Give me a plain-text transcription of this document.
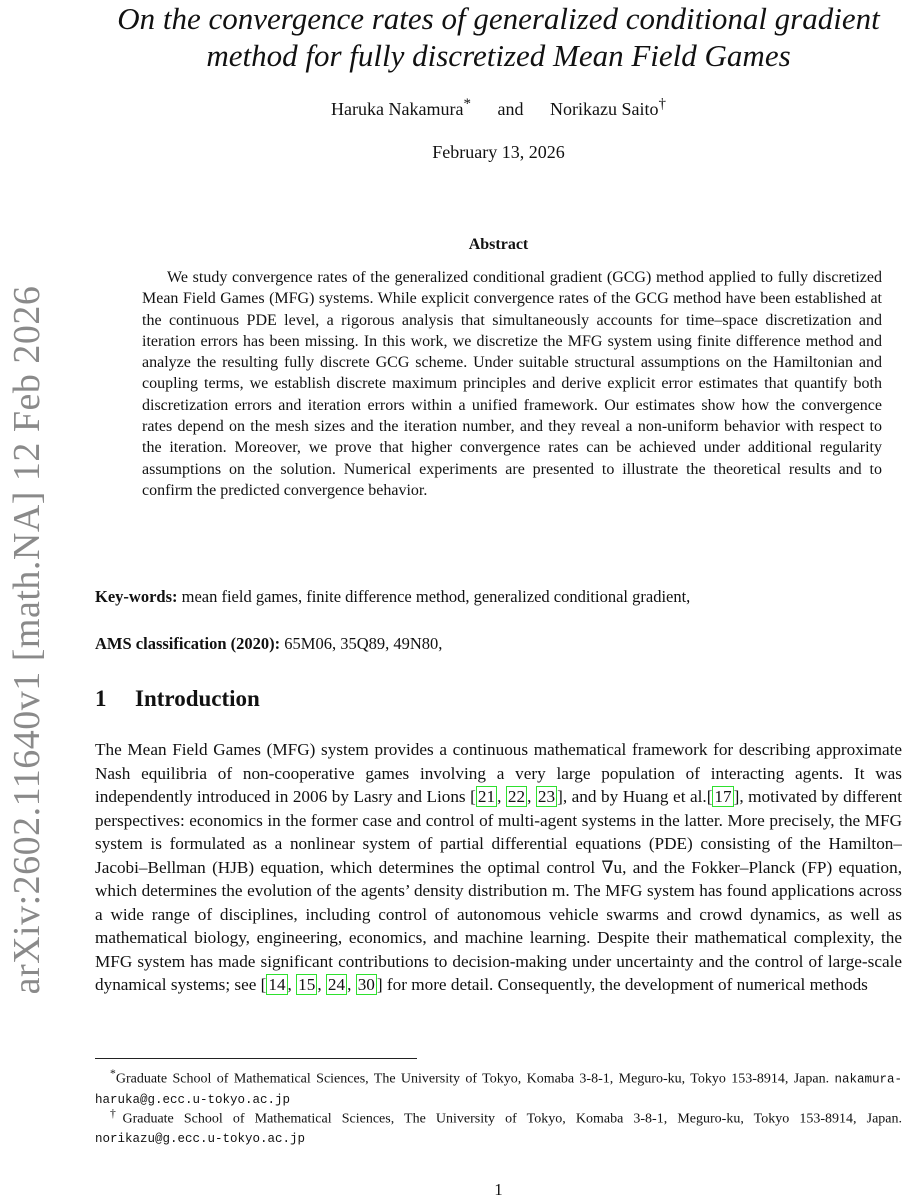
arXiv:2602.11640v1 [math.NA] 12 Feb 2026
On the convergence rates of generalized conditional gradient method for fully discretized Mean Field Games
Haruka Nakamura* and Norikazu Saito†
February 13, 2026
Abstract

We study convergence rates of the generalized conditional gradient (GCG) method applied to fully discretized Mean Field Games (MFG) systems. While explicit convergence rates of the GCG method have been established at the continuous PDE level, a rigorous analysis that simultaneously accounts for time–space discretization and iteration errors has been missing. In this work, we discretize the MFG system using finite difference method and analyze the resulting fully discrete GCG scheme. Under suitable structural assumptions on the Hamiltonian and coupling terms, we establish discrete maximum principles and derive explicit error estimates that quantify both discretization errors and iteration errors within a unified framework. Our estimates show how the convergence rates depend on the mesh sizes and the iteration number, and they reveal a non-uniform behavior with respect to the iteration. Moreover, we prove that higher convergence rates can be achieved under additional regularity assumptions on the solution. Numerical experiments are presented to illustrate the theoretical results and to confirm the predicted convergence behavior.

Key-words: mean field games, finite difference method, generalized conditional gradient,
AMS classification (2020): 65M06, 35Q89, 49N80,
1 Introduction

The Mean Field Games (MFG) system provides a continuous mathematical framework for describing approximate Nash equilibria of non-cooperative games involving a very large population of interacting agents. It was independently introduced in 2006 by Lasry and Lions [ 21 , 22 , 23 ], and by Huang et al.[ 17 ], motivated by different perspectives: economics in the former case and control of multi-agent systems in the latter. More precisely, the MFG system is formulated as a nonlinear system of partial differential equations (PDE) consisting of the Hamilton–Jacobi–Bellman (HJB) equation, which determines the optimal control ∇u, and the Fokker–Planck (FP) equation, which determines the evolution of the agents’ density distribution m. The MFG system has found applications across a wide range of disciplines, including control of autonomous vehicle swarms and crowd dynamics, as well as mathematical biology, engineering, economics, and machine learning. Despite their mathematical complexity, the MFG system has made significant contributions to decision-making under uncertainty and the control of large-scale dynamical systems; see [ 14 , 15 , 24 , 30 ] for more detail. Consequently, the development of numerical methods

*Graduate School of Mathematical Sciences, The University of Tokyo, Komaba 3-8-1, Meguro-ku, Tokyo 153-8914, Japan. nakamura-haruka@g.ecc.u-tokyo.ac.jp

†Graduate School of Mathematical Sciences, The University of Tokyo, Komaba 3-8-1, Meguro-ku, Tokyo 153-8914, Japan. norikazu@g.ecc.u-tokyo.ac.jp

1
